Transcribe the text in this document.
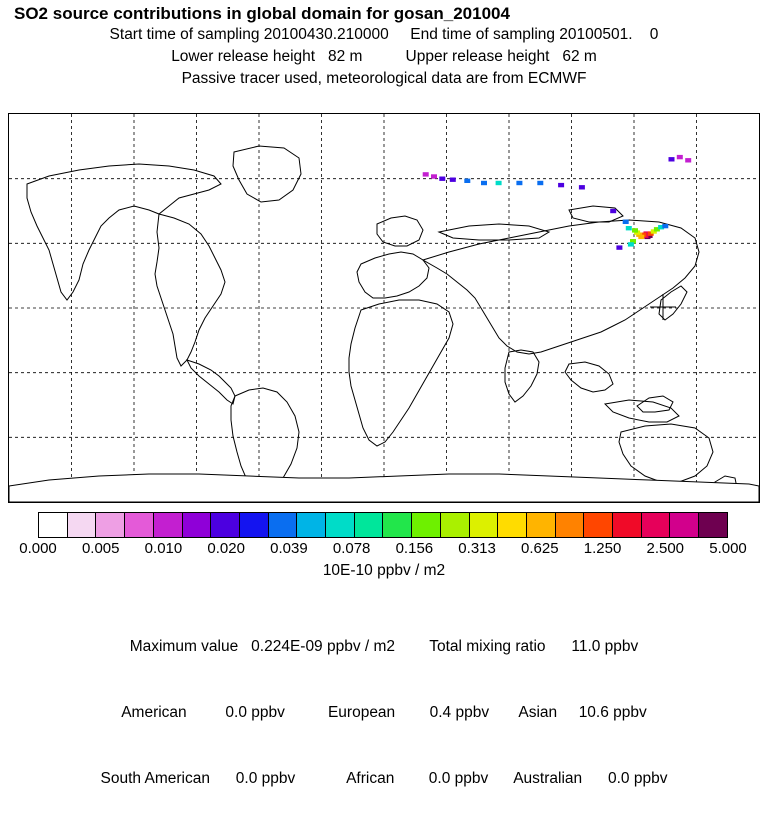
SO2 source contributions in global domain for gosan_201004
Start time of sampling 20100430.210000     End time of sampling 20100501.    0
Lower release height   82 m          Upper release height   62 m
Passive tracer used, meteorological data are from ECMWF
0.000 0.005 0.010 0.020 0.039 0.078 0.156 0.313 0.625 1.250 2.500 5.000
10E-10 ppbv / m2

Maximum value   0.224E-09 ppbv / m2        Total mixing ratio      11.0 ppbv

American         0.0 ppbv          European        0.4 ppbv       Asian     10.6 ppbv

South American      0.0 ppbv            African        0.0 ppbv      Australian      0.0 ppbv
